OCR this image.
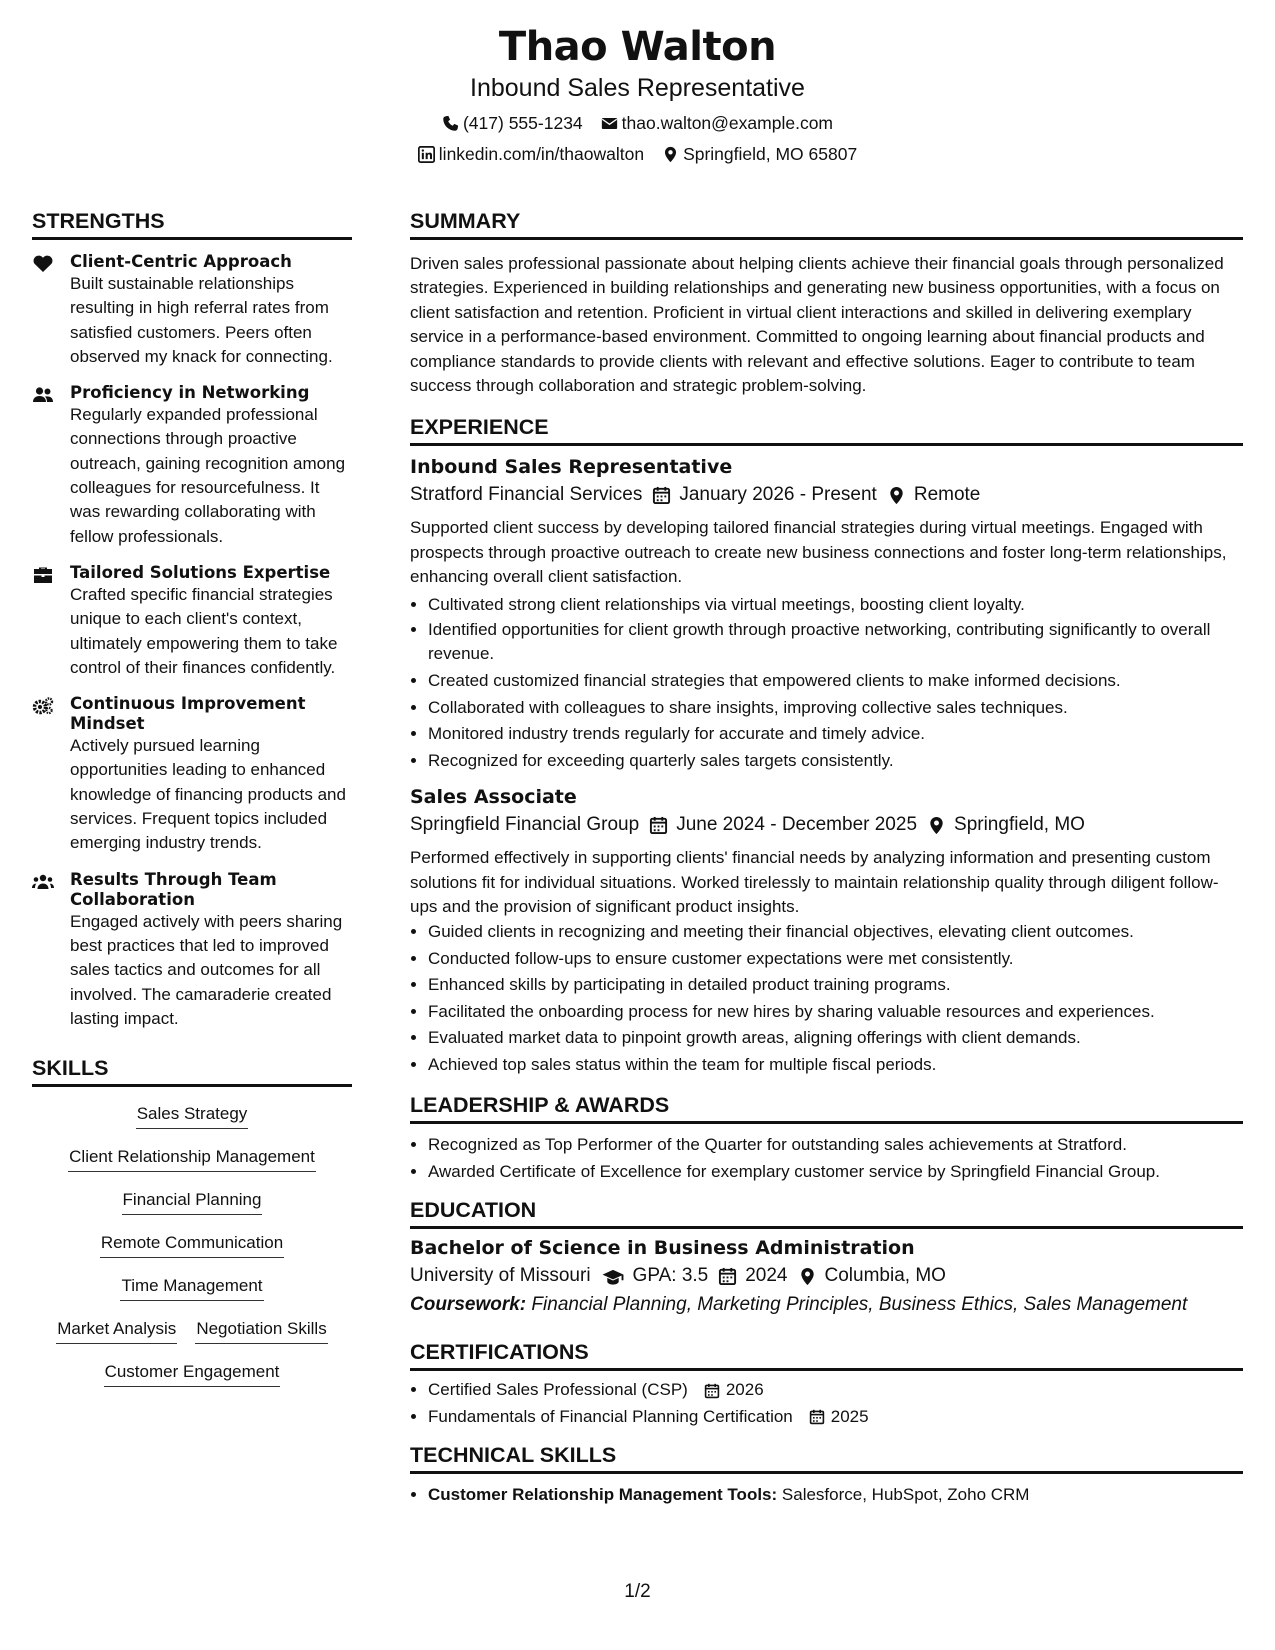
Thao Walton
Inbound Sales Representative
(417) 555-1234 thao.walton@example.com
linkedin.com/in/thaowalton Springfield, MO 65807
STRENGTHS
Client-Centric Approach
Built sustainable relationships resulting in high referral rates from satisfied customers. Peers often observed my knack for connecting.
Proficiency in Networking
Regularly expanded professional connections through proactive outreach, gaining recognition among colleagues for resourcefulness. It was rewarding collaborating with fellow professionals.
Tailored Solutions Expertise
Crafted specific financial strategies unique to each client's context, ultimately empowering them to take control of their finances confidently.
Continuous Improvement Mindset
Actively pursued learning opportunities leading to enhanced knowledge of financing products and services. Frequent topics included emerging industry trends.
Results Through Team Collaboration
Engaged actively with peers sharing best practices that led to improved sales tactics and outcomes for all involved. The camaraderie created lasting impact.
SKILLS
Sales Strategy
Client Relationship Management
Financial Planning
Remote Communication
Time Management
Market Analysis Negotiation Skills
Customer Engagement
SUMMARY

Driven sales professional passionate about helping clients achieve their financial goals through personalized strategies. Experienced in building relationships and generating new business opportunities, with a focus on client satisfaction and retention. Proficient in virtual client interactions and skilled in delivering exemplary service in a performance-based environment. Committed to ongoing learning about financial products and compliance standards to provide clients with relevant and effective solutions. Eager to contribute to team success through collaboration and strategic problem-solving.

EXPERIENCE
Inbound Sales Representative
Stratford Financial Services January 2026 - Present Remote

Supported client success by developing tailored financial strategies during virtual meetings. Engaged with prospects through proactive outreach to create new business connections and foster long-term relationships, enhancing overall client satisfaction.

• Cultivated strong client relationships via virtual meetings, boosting client loyalty.
• Identified opportunities for client growth through proactive networking, contributing significantly to overall revenue.
• Created customized financial strategies that empowered clients to make informed decisions.
• Collaborated with colleagues to share insights, improving collective sales techniques.
• Monitored industry trends regularly for accurate and timely advice.
• Recognized for exceeding quarterly sales targets consistently.
Sales Associate
Springfield Financial Group June 2024 - December 2025 Springfield, MO

Performed effectively in supporting clients' financial needs by analyzing information and presenting custom solutions fit for individual situations. Worked tirelessly to maintain relationship quality through diligent follow-ups and the provision of significant product insights.

• Guided clients in recognizing and meeting their financial objectives, elevating client outcomes.
• Conducted follow-ups to ensure customer expectations were met consistently.
• Enhanced skills by participating in detailed product training programs.
• Facilitated the onboarding process for new hires by sharing valuable resources and experiences.
• Evaluated market data to pinpoint growth areas, aligning offerings with client demands.
• Achieved top sales status within the team for multiple fiscal periods.
LEADERSHIP & AWARDS
• Recognized as Top Performer of the Quarter for outstanding sales achievements at Stratford.
• Awarded Certificate of Excellence for exemplary customer service by Springfield Financial Group.
EDUCATION
Bachelor of Science in Business Administration
University of Missouri GPA: 3.5 2024 Columbia, MO
Coursework: Financial Planning, Marketing Principles, Business Ethics, Sales Management
CERTIFICATIONS
• Certified Sales Professional (CSP) 2026
• Fundamentals of Financial Planning Certification 2025
TECHNICAL SKILLS
• Customer Relationship Management Tools: Salesforce, HubSpot, Zoho CRM
1/2
